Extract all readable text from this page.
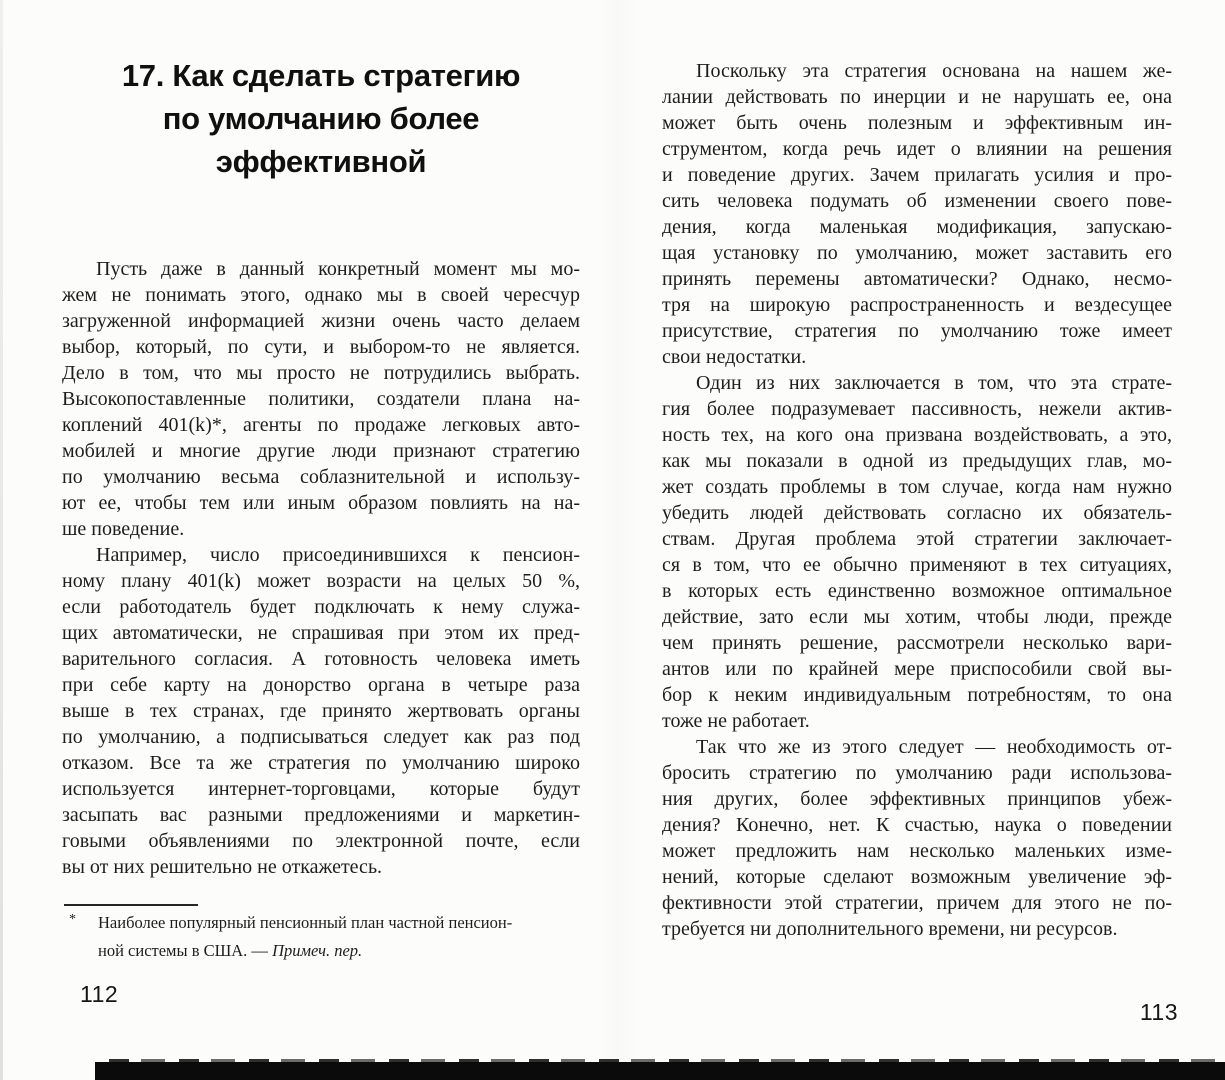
17. Как сделать стратегию
по умолчанию более
эффективной
Пусть даже в данный конкретный момент мы мо-
жем не понимать этого, однако мы в своей чересчур
загруженной информацией жизни очень часто делаем
выбор, который, по сути, и выбором-то не является.
Дело в том, что мы просто не потрудились выбрать.
Высокопоставленные политики, создатели плана на-
коплений 401(k)*, агенты по продаже легковых авто-
мобилей и многие другие люди признают стратегию
по умолчанию весьма соблазнительной и использу-
ют ее, чтобы тем или иным образом повлиять на на-
ше поведение.
Например, число присоединившихся к пенсион-
ному плану 401(k) может возрасти на целых 50 %,
если работодатель будет подключать к нему служа-
щих автоматически, не спрашивая при этом их пред-
варительного согласия. А готовность человека иметь
при себе карту на донорство органа в четыре раза
выше в тех странах, где принято жертвовать органы
по умолчанию, а подписываться следует как раз под
отказом. Все та же стратегия по умолчанию широко
используется интернет-торговцами, которые будут
засыпать вас разными предложениями и маркетин-
говыми объявлениями по электронной почте, если
вы от них решительно не откажетесь.
* Наиболее популярный пенсионный план частной пенсион-
ной системы в США. — Примеч. пер.
112
Поскольку эта стратегия основана на нашем же-
лании действовать по инерции и не нарушать ее, она
может быть очень полезным и эффективным ин-
струментом, когда речь идет о влиянии на решения
и поведение других. Зачем прилагать усилия и про-
сить человека подумать об изменении своего пове-
дения, когда маленькая модификация, запускаю-
щая установку по умолчанию, может заставить его
принять перемены автоматически? Однако, несмо-
тря на широкую распространенность и вездесущее
присутствие, стратегия по умолчанию тоже имеет
свои недостатки.
Один из них заключается в том, что эта страте-
гия более подразумевает пассивность, нежели актив-
ность тех, на кого она призвана воздействовать, а это,
как мы показали в одной из предыдущих глав, мо-
жет создать проблемы в том случае, когда нам нужно
убедить людей действовать согласно их обязатель-
ствам. Другая проблема этой стратегии заключает-
ся в том, что ее обычно применяют в тех ситуациях,
в которых есть единственно возможное оптимальное
действие, зато если мы хотим, чтобы люди, прежде
чем принять решение, рассмотрели несколько вари-
антов или по крайней мере приспособили свой вы-
бор к неким индивидуальным потребностям, то она
тоже не работает.
Так что же из этого следует — необходимость от-
бросить стратегию по умолчанию ради использова-
ния других, более эффективных принципов убеж-
дения? Конечно, нет. К счастью, наука о поведении
может предложить нам несколько маленьких изме-
нений, которые сделают возможным увеличение эф-
фективности этой стратегии, причем для этого не по-
требуется ни дополнительного времени, ни ресурсов.
113
